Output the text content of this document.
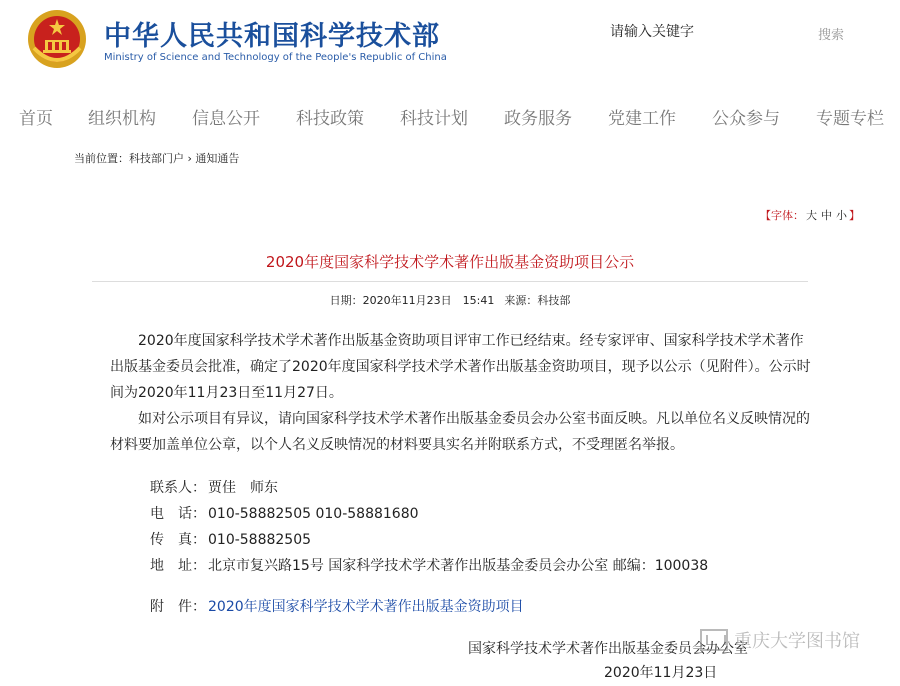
中华人民共和国科学技术部
Ministry of Science and Technology of the People's Republic of China
请输入关键字
搜索
首页 组织机构 信息公开 科技政策 科技计划 政务服务 党建工作 公众参与 专题专栏
当前位置：科技部门户 › 通知通告
【字体： 大 中 小 】
2020年度国家科学技术学术著作出版基金资助项目公示
日期：2020年11月23日　15:41 来源：科技部

2020年度国家科学技术学术著作出版基金资助项目评审工作已经结束。经专家评审、国家科学技术学术著作出版基金委员会批准，确定了2020年度国家科学技术学术著作出版基金资助项目，现予以公示（见附件）。公示时间为2020年11月23日至11月27日。

如对公示项目有异议，请向国家科学技术学术著作出版基金委员会办公室书面反映。凡以单位名义反映情况的材料要加盖单位公章，以个人名义反映情况的材料要具实名并附联系方式，不受理匿名举报。

联系人： 贾佳　师东
电　话： 010-58882505 010-58881680
传　真： 010-58882505
地　址： 北京市复兴路15号 国家科学技术学术著作出版基金委员会办公室 邮编：100038
附　件： 2020年度国家科学技术学术著作出版基金资助项目
国家科学技术学术著作出版基金委员会办公室
2020年11月23日
重庆大学图书馆
